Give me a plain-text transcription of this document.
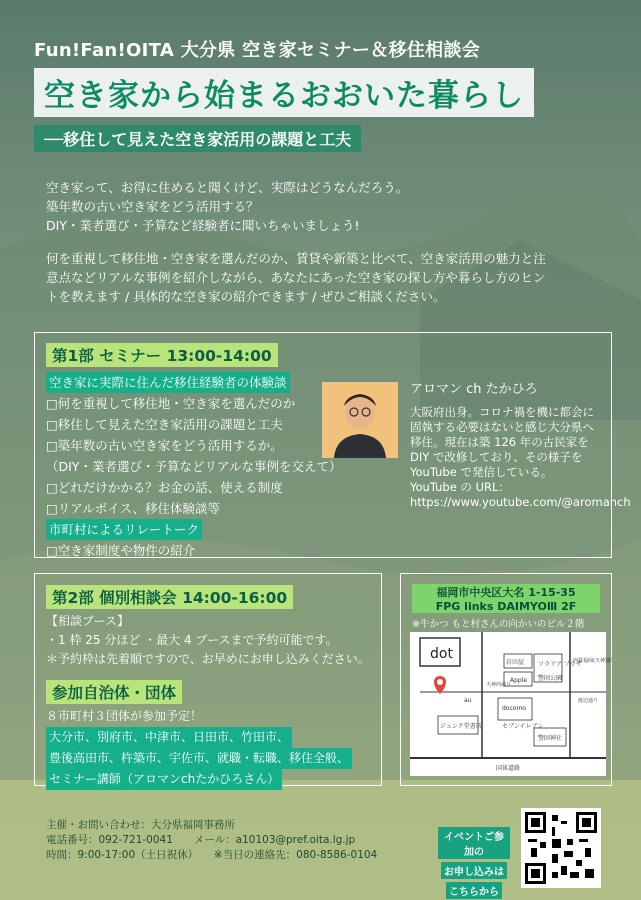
Fun!Fan!OITA 大分県 空き家セミナー＆移住相談会
空き家から始まるおおいた暮らし
──移住して見えた空き家活用の課題と工夫

空き家って、お得に住めると聞くけど、実際はどうなんだろう。
築年数の古い空き家をどう活用する？
DIY・業者選び・予算など経験者に聞いちゃいましょう!

何を重視して移住地・空き家を選んだのか、賃貸や新築と比べて、空き家活用の魅力と注
意点などリアルな事例を紹介しながら、あなたにあった空き家の探し方や暮らし方のヒン
トを教えます / 具体的な空き家の紹介できます / ぜひご相談ください。

第1部 セミナー 13:00-14:00
空き家に実際に住んだ移住経験者の体験談
□何を重視して移住地・空き家を選んだのか
□移住して見えた空き家活用の課題と工夫
□築年数の古い空き家をどう活用するか。
（DIY・業者選び・予算などリアルな事例を交えて）
□どれだけかかる？お金の話、使える制度
□リアルボイス、移住体験談等
市町村によるリレートーク
□空き家制度や物件の紹介
アロマン ch たかひろ
大阪府出身。コロナ禍を機に都会に
固執する必要はないと感じ大分県へ
移住。現在は築 126 年の古民家を
DIY で改修しており、その様子を
YouTube で発信している。
YouTube の URL：
https://www.youtube.com/@aromanch
第2部 個別相談会 14:00-16:00
【相談ブース】
・1 枠 25 分ほど ・最大 4 ブースまで予約可能です。
＊予約枠は先着順ですので、お早めにお申し込みください。
参加自治体・団体
８市町村３団体が参加予定！
大分市、別府市、中津市、日田市、竹田市、
豊後高田市、杵築市、宇佐市、就職・転職、移住全般、
セミナー講師（アロマンchたかひろさん）
福岡市中央区大名 1-15-35
FPG links DAIMYOⅢ 2F
※牛かつ もと村さんの向かいのビル２階
dot
岩田屋 ソラリア プラザ
西鉄福岡(天神)駅
Apple 警固公園
docomo
ジュンク堂書店	セブンイレブン
警固神社
国体道路
渡辺通り
天神西通り
au
主催・お問い合わせ：大分県福岡事務所
電話番号：092-721-0041　　メール：a10103@pref.oita.lg.jp
時間：9:00-17:00（土日祝休）　　※当日の連絡先：080-8586-0104
イベントご参加の
お申し込みは
こちらから
